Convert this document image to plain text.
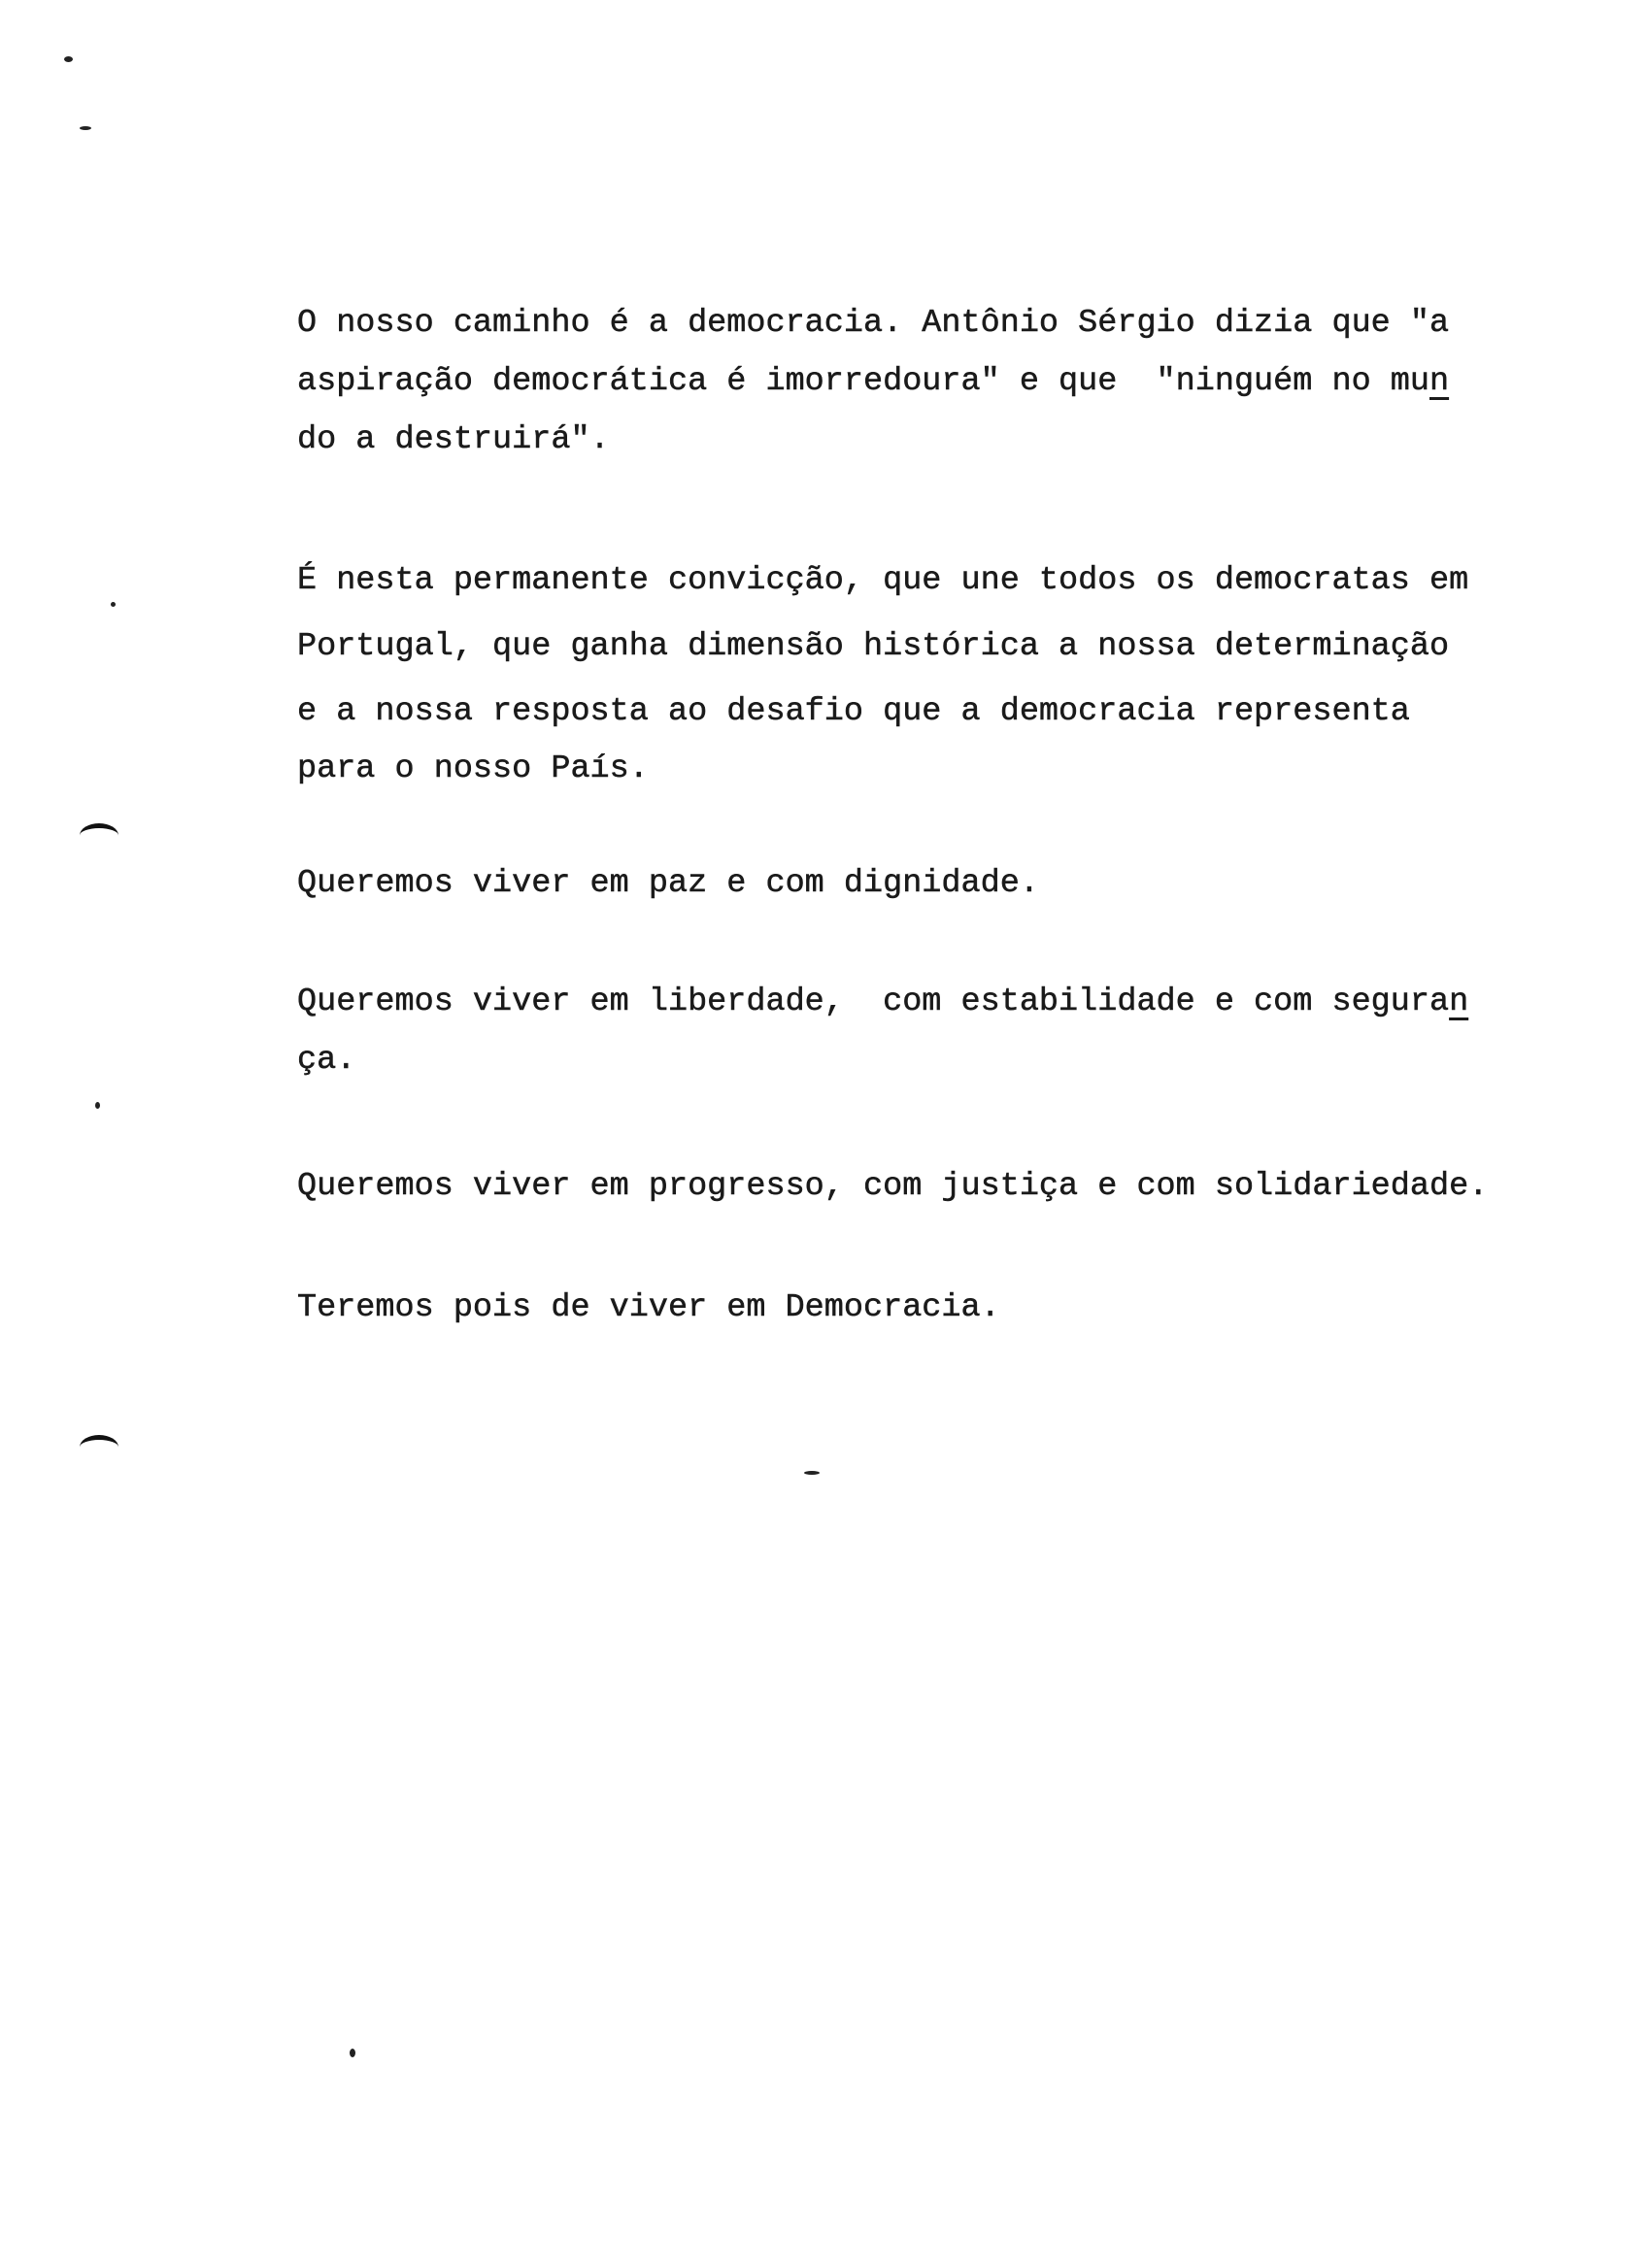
O nosso caminho é a democracia. Antônio Sérgio dizia que "a
aspiração democrática é imorredoura" e que  "ninguém no mun
do a destruirá".
É nesta permanente convicção, que une todos os democratas em
Portugal, que ganha dimensão histórica a nossa determinação
e a nossa resposta ao desafio que a democracia representa
para o nosso País.
Queremos viver em paz e com dignidade.
Queremos viver em liberdade,  com estabilidade e com seguran
ça.
Queremos viver em progresso, com justiça e com solidariedade.
Teremos pois de viver em Democracia.
